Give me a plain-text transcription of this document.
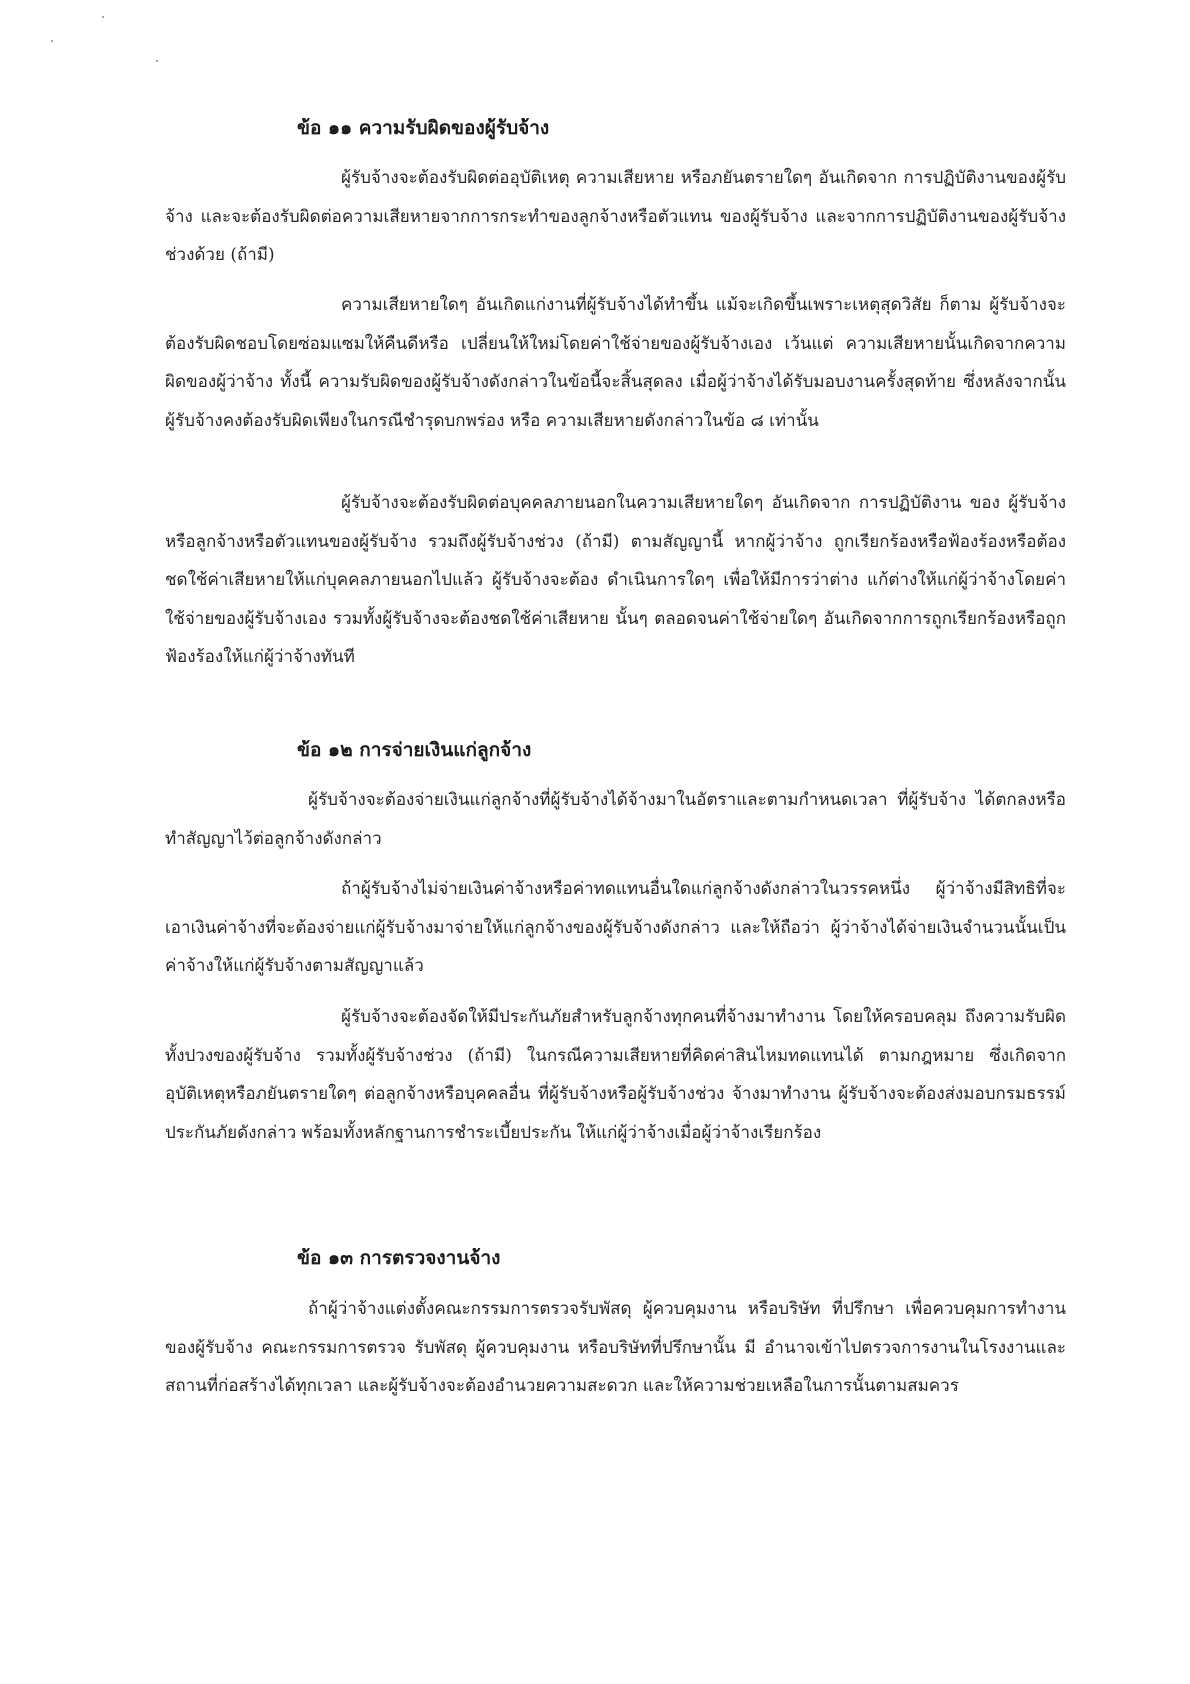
ข้อ ๑๑ ความรับผิดของผู้รับจ้าง

ผู้รับจ้างจะต้องรับผิดต่ออุบัติเหตุ ความเสียหาย หรือภยันตรายใดๆ อันเกิดจาก การปฏิบัติงานของผู้รับจ้าง และจะต้องรับผิดต่อความเสียหายจากการกระทำของลูกจ้างหรือตัวแทน ของผู้รับจ้าง และจากการปฏิบัติงานของผู้รับจ้างช่วงด้วย (ถ้ามี)

ความเสียหายใดๆ อันเกิดแก่งานที่ผู้รับจ้างได้ทำขึ้น แม้จะเกิดขึ้นเพราะเหตุสุดวิสัย ก็ตาม ผู้รับจ้างจะต้องรับผิดชอบโดยซ่อมแซมให้คืนดีหรือ เปลี่ยนให้ใหม่โดยค่าใช้จ่ายของผู้รับจ้างเอง เว้นแต่ ความเสียหายนั้นเกิดจากความผิดของผู้ว่าจ้าง ทั้งนี้ ความรับผิดของผู้รับจ้างดังกล่าวในข้อนี้จะสิ้นสุดลง เมื่อผู้ว่าจ้างได้รับมอบงานครั้งสุดท้าย ซึ่งหลังจากนั้นผู้รับจ้างคงต้องรับผิดเพียงในกรณีชำรุดบกพร่อง หรือ ความเสียหายดังกล่าวในข้อ ๘ เท่านั้น

ผู้รับจ้างจะต้องรับผิดต่อบุคคลภายนอกในความเสียหายใดๆ อันเกิดจาก การปฏิบัติงาน ของ ผู้รับจ้าง หรือลูกจ้างหรือตัวแทนของผู้รับจ้าง รวมถึงผู้รับจ้างช่วง (ถ้ามี) ตามสัญญานี้ หากผู้ว่าจ้าง ถูกเรียกร้องหรือฟ้องร้องหรือต้องชดใช้ค่าเสียหายให้แก่บุคคลภายนอกไปแล้ว ผู้รับจ้างจะต้อง ดำเนินการใดๆ เพื่อให้มีการว่าต่าง แก้ต่างให้แก่ผู้ว่าจ้างโดยค่าใช้จ่ายของผู้รับจ้างเอง รวมทั้งผู้รับจ้างจะต้องชดใช้ค่าเสียหาย นั้นๆ ตลอดจนค่าใช้จ่ายใดๆ อันเกิดจากการถูกเรียกร้องหรือถูกฟ้องร้องให้แก่ผู้ว่าจ้างทันที

ข้อ ๑๒ การจ่ายเงินแก่ลูกจ้าง

ผู้รับจ้างจะต้องจ่ายเงินแก่ลูกจ้างที่ผู้รับจ้างได้จ้างมาในอัตราและตามกำหนดเวลา ที่ผู้รับจ้าง ได้ตกลงหรือทำสัญญาไว้ต่อลูกจ้างดังกล่าว

ถ้าผู้รับจ้างไม่จ่ายเงินค่าจ้างหรือค่าทดแทนอื่นใดแก่ลูกจ้างดังกล่าวในวรรคหนึ่ง ผู้ว่าจ้างมีสิทธิที่จะเอาเงินค่าจ้างที่จะต้องจ่ายแก่ผู้รับจ้างมาจ่ายให้แก่ลูกจ้างของผู้รับจ้างดังกล่าว และให้ถือว่า ผู้ว่าจ้างได้จ่ายเงินจำนวนนั้นเป็นค่าจ้างให้แก่ผู้รับจ้างตามสัญญาแล้ว

ผู้รับจ้างจะต้องจัดให้มีประกันภัยสำหรับลูกจ้างทุกคนที่จ้างมาทำงาน โดยให้ครอบคลุม ถึงความรับผิดทั้งปวงของผู้รับจ้าง รวมทั้งผู้รับจ้างช่วง (ถ้ามี) ในกรณีความเสียหายที่คิดค่าสินไหมทดแทนได้ ตามกฎหมาย ซึ่งเกิดจากอุบัติเหตุหรือภยันตรายใดๆ ต่อลูกจ้างหรือบุคคลอื่น ที่ผู้รับจ้างหรือผู้รับจ้างช่วง จ้างมาทำงาน ผู้รับจ้างจะต้องส่งมอบกรมธรรม์ประกันภัยดังกล่าว พร้อมทั้งหลักฐานการชำระเบี้ยประกัน ให้แก่ผู้ว่าจ้างเมื่อผู้ว่าจ้างเรียกร้อง

ข้อ ๑๓ การตรวจงานจ้าง

ถ้าผู้ว่าจ้างแต่งตั้งคณะกรรมการตรวจรับพัสดุ ผู้ควบคุมงาน หรือบริษัท ที่ปรึกษา เพื่อควบคุมการทำงานของผู้รับจ้าง คณะกรรมการตรวจ รับพัสดุ ผู้ควบคุมงาน หรือบริษัทที่ปรึกษานั้น มี อำนาจเข้าไปตรวจการงานในโรงงานและสถานที่ก่อสร้างได้ทุกเวลา และผู้รับจ้างจะต้องอำนวยความสะดวก และให้ความช่วยเหลือในการนั้นตามสมควร
